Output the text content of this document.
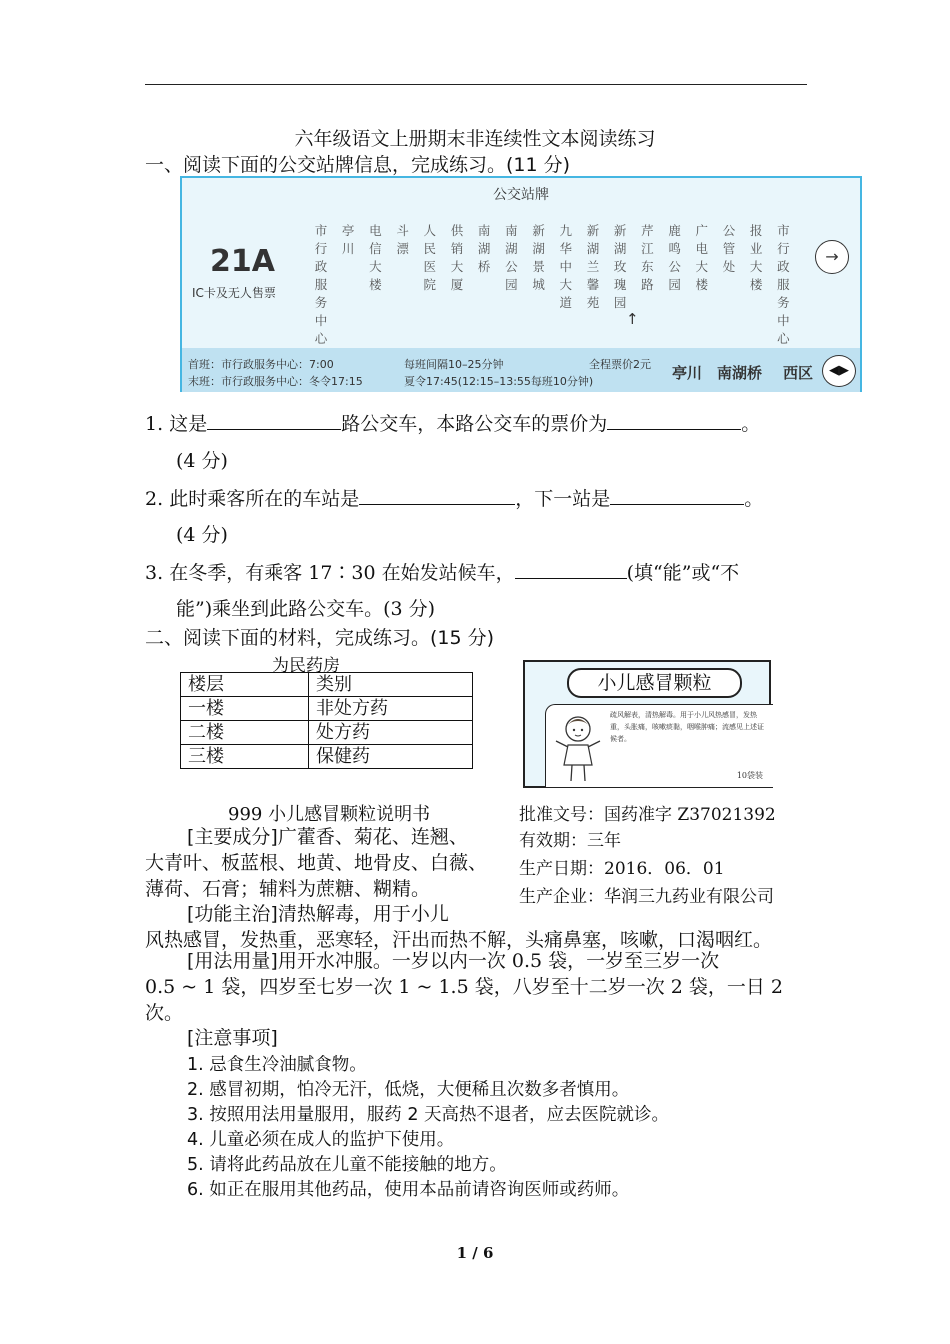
六年级语文上册期末非连续性文本阅读练习
一、阅读下面的公交站牌信息，完成练习。(11 分)
公交站牌
21A
IC卡及无人售票
市
行
政
服
务
中
心
亭
川
电
信
大
楼
斗
漂
人
民
医
院
供
销
大
厦
南
湖
桥
南
湖
公
园
新
湖
景
城
九
华
中
大
道
新
湖
兰
馨
苑
新
湖
玫
瑰
园
芹
江
东
路
鹿
鸣
公
园
广
电
大
楼
公
管
处
报
业
大
楼
市
行
政
服
务
中
心
↑
→
首班：市行政服务中心：7:00
末班：市行政服务中心：冬令17:15
每班间隔10–25分钟
夏令17:45(12:15–13:55每班10分钟)
全程票价2元 亭川 南湖桥 西区	◀▶
1. 这是	路公交车，本路公交车的票价为	。
(4 分)
2. 此时乘客所在的车站是	，下一站是	。
(4 分)
3. 在冬季，有乘客 17∶30 在始发站候车，	(填“能”或“不
能”)乘坐到此路公交车。(3 分)
二、阅读下面的材料，完成练习。(15 分)
为民药房
楼层	类别
一楼	非处方药
二楼	处方药
三楼	保健药
小儿感冒颗粒
疏风解表，清热解毒。用于小儿风热感冒，发热重，头胀痛，咳嗽痰黏，咽喉肿痛；流感见上述证候者。
10袋装
999 小儿感冒颗粒说明书	批准文号：国药准字 Z37021392
有效期：三年
生产日期：2016．06．01
生产企业：华润三九药业有限公司
[主要成分]广藿香、菊花、连翘、
大青叶、板蓝根、地黄、地骨皮、白薇、
薄荷、石膏；辅料为蔗糖、糊精。
[功能主治]清热解毒，用于小儿
风热感冒，发热重，恶寒轻，汗出而热不解，头痛鼻塞，咳嗽，口渴咽红。
[用法用量]用开水冲服。一岁以内一次 0.5 袋，一岁至三岁一次
0.5 ~ 1 袋，四岁至七岁一次 1 ~ 1.5 袋，八岁至十二岁一次 2 袋，一日 2
次。
[注意事项]
1. 忌食生冷油腻食物。
2. 感冒初期，怕冷无汗，低烧，大便稀且次数多者慎用。
3. 按照用法用量服用，服药 2 天高热不退者，应去医院就诊。
4. 儿童必须在成人的监护下使用。
5. 请将此药品放在儿童不能接触的地方。
6. 如正在服用其他药品，使用本品前请咨询医师或药师。
1 / 6
